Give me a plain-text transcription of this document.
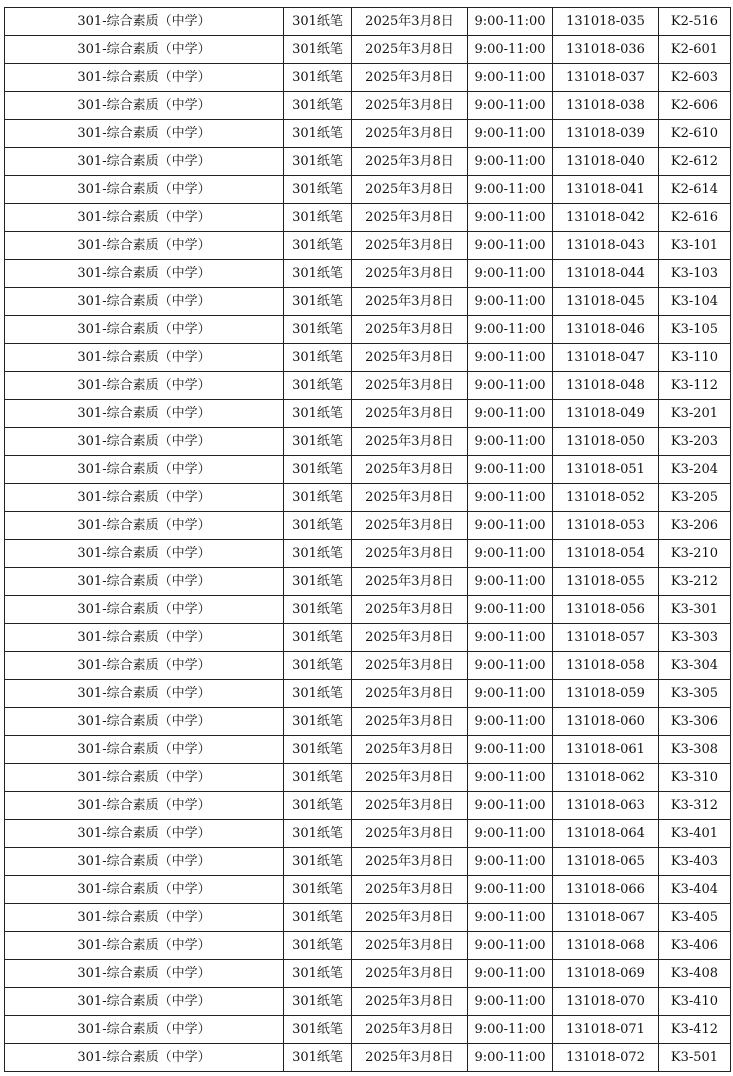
301-综合素质（中学）	301纸笔	2025年3月8日	9:00-11:00	131018-035	K2-516
301-综合素质（中学）	301纸笔	2025年3月8日	9:00-11:00	131018-036	K2-601
301-综合素质（中学）	301纸笔	2025年3月8日	9:00-11:00	131018-037	K2-603
301-综合素质（中学）	301纸笔	2025年3月8日	9:00-11:00	131018-038	K2-606
301-综合素质（中学）	301纸笔	2025年3月8日	9:00-11:00	131018-039	K2-610
301-综合素质（中学）	301纸笔	2025年3月8日	9:00-11:00	131018-040	K2-612
301-综合素质（中学）	301纸笔	2025年3月8日	9:00-11:00	131018-041	K2-614
301-综合素质（中学）	301纸笔	2025年3月8日	9:00-11:00	131018-042	K2-616
301-综合素质（中学）	301纸笔	2025年3月8日	9:00-11:00	131018-043	K3-101
301-综合素质（中学）	301纸笔	2025年3月8日	9:00-11:00	131018-044	K3-103
301-综合素质（中学）	301纸笔	2025年3月8日	9:00-11:00	131018-045	K3-104
301-综合素质（中学）	301纸笔	2025年3月8日	9:00-11:00	131018-046	K3-105
301-综合素质（中学）	301纸笔	2025年3月8日	9:00-11:00	131018-047	K3-110
301-综合素质（中学）	301纸笔	2025年3月8日	9:00-11:00	131018-048	K3-112
301-综合素质（中学）	301纸笔	2025年3月8日	9:00-11:00	131018-049	K3-201
301-综合素质（中学）	301纸笔	2025年3月8日	9:00-11:00	131018-050	K3-203
301-综合素质（中学）	301纸笔	2025年3月8日	9:00-11:00	131018-051	K3-204
301-综合素质（中学）	301纸笔	2025年3月8日	9:00-11:00	131018-052	K3-205
301-综合素质（中学）	301纸笔	2025年3月8日	9:00-11:00	131018-053	K3-206
301-综合素质（中学）	301纸笔	2025年3月8日	9:00-11:00	131018-054	K3-210
301-综合素质（中学）	301纸笔	2025年3月8日	9:00-11:00	131018-055	K3-212
301-综合素质（中学）	301纸笔	2025年3月8日	9:00-11:00	131018-056	K3-301
301-综合素质（中学）	301纸笔	2025年3月8日	9:00-11:00	131018-057	K3-303
301-综合素质（中学）	301纸笔	2025年3月8日	9:00-11:00	131018-058	K3-304
301-综合素质（中学）	301纸笔	2025年3月8日	9:00-11:00	131018-059	K3-305
301-综合素质（中学）	301纸笔	2025年3月8日	9:00-11:00	131018-060	K3-306
301-综合素质（中学）	301纸笔	2025年3月8日	9:00-11:00	131018-061	K3-308
301-综合素质（中学）	301纸笔	2025年3月8日	9:00-11:00	131018-062	K3-310
301-综合素质（中学）	301纸笔	2025年3月8日	9:00-11:00	131018-063	K3-312
301-综合素质（中学）	301纸笔	2025年3月8日	9:00-11:00	131018-064	K3-401
301-综合素质（中学）	301纸笔	2025年3月8日	9:00-11:00	131018-065	K3-403
301-综合素质（中学）	301纸笔	2025年3月8日	9:00-11:00	131018-066	K3-404
301-综合素质（中学）	301纸笔	2025年3月8日	9:00-11:00	131018-067	K3-405
301-综合素质（中学）	301纸笔	2025年3月8日	9:00-11:00	131018-068	K3-406
301-综合素质（中学）	301纸笔	2025年3月8日	9:00-11:00	131018-069	K3-408
301-综合素质（中学）	301纸笔	2025年3月8日	9:00-11:00	131018-070	K3-410
301-综合素质（中学）	301纸笔	2025年3月8日	9:00-11:00	131018-071	K3-412
301-综合素质（中学）	301纸笔	2025年3月8日	9:00-11:00	131018-072	K3-501
